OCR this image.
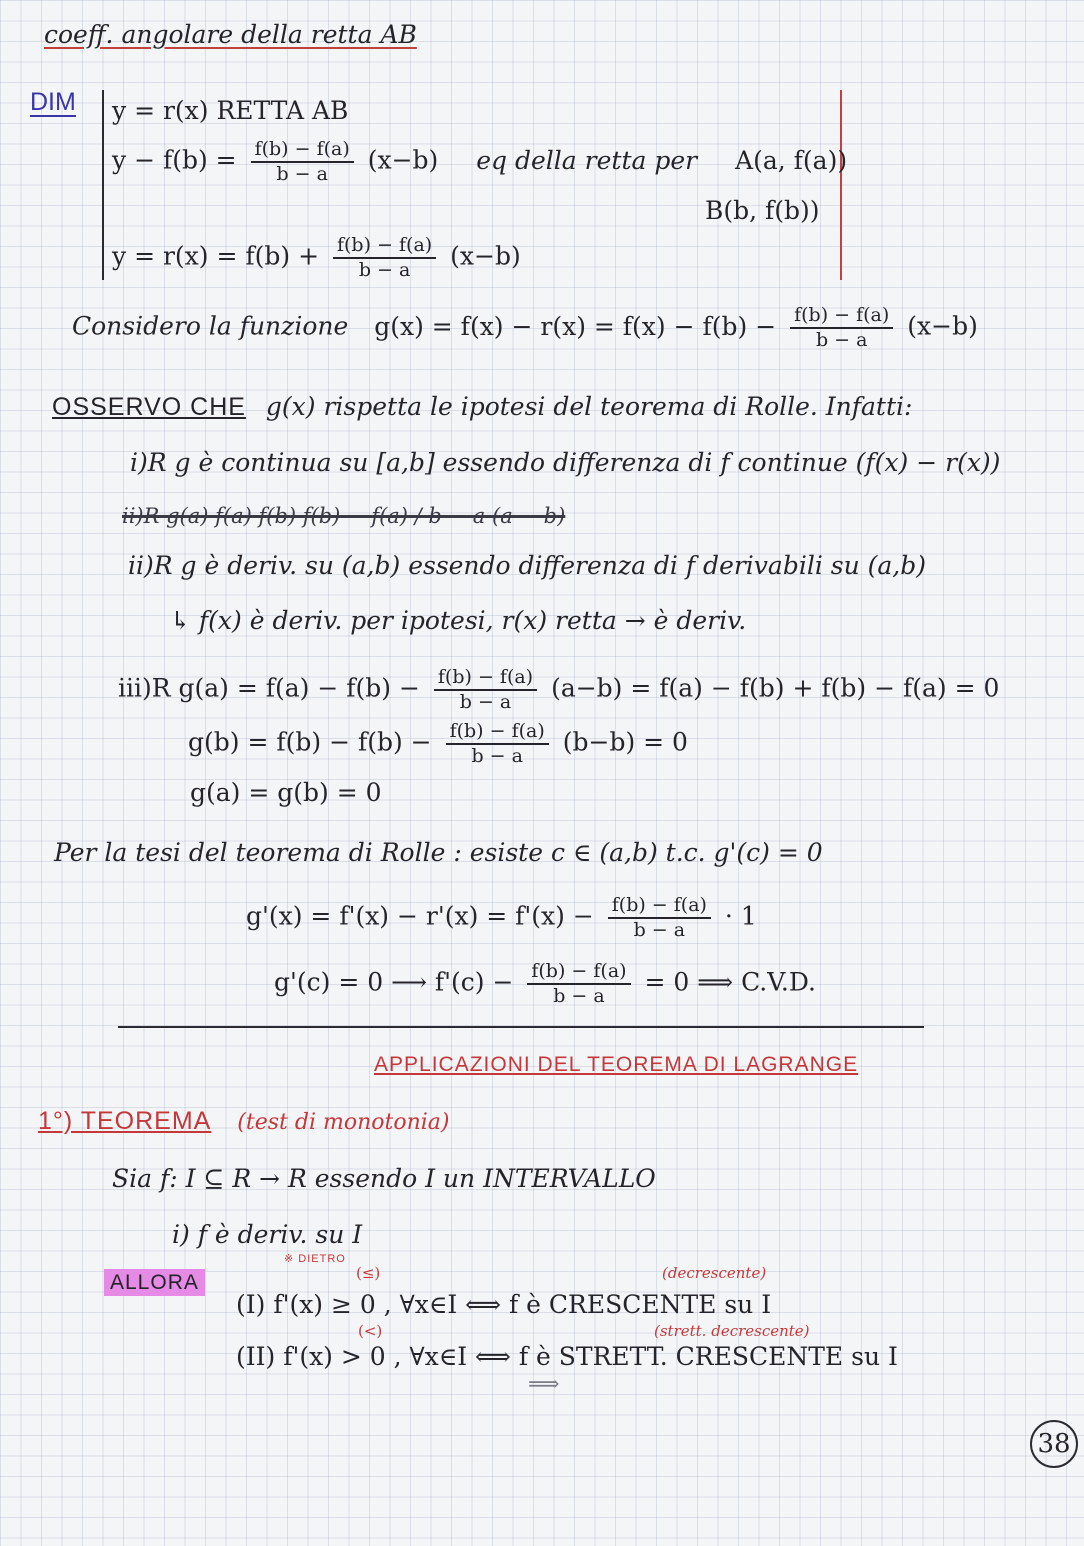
coeff. angolare della retta AB
DIM y = r(x) RETTA AB
$y - f(b) = \frac{f(b) - f(a)}{b - a} (x-b)$ eq della retta per A(a, f(a))
B(b, f(b))
$y = r(x) = f(b) + \frac{f(b) - f(a)}{b - a} (x-b)$
Considero la funzione $g(x) = f(x) - r(x) = f(x) - f(b) - \frac{f(b) - f(a)}{b - a} (x-b)$
OSSERVO CHE g(x) rispetta le ipotesi del teorema di Rolle. Infatti:
i)R g è continua su [a,b] essendo differenza di f continue (f(x) − r(x))
ii)R g(a) f(a) f(b) f(b) − f(a) / b − a (a − b)
ii)R g è deriv. su (a,b) essendo differenza di f derivabili su (a,b)
↳ f(x) è deriv. per ipotesi, r(x) retta → è deriv.
iii)R $g(a) = f(a) - f(b) - \frac{f(b) - f(a)}{b - a} (a-b) = f(a) - f(b) + f(b) - f(a) = 0$
$g(b) = f(b) - f(b) - \frac{f(b) - f(a)}{b - a} (b-b) = 0$
g(a) = g(b) = 0
Per la tesi del teorema di Rolle : esiste c ∈ (a,b) t.c. g'(c) = 0
$g'(x) = f'(x) - r'(x) = f'(x) - \frac{f(b) - f(a)}{b - a} \cdot 1$
g'(c) = 0 ⟶ $f'(c) - \frac{f(b) - f(a)}{b - a} = 0$ ⟹ C.V.D.
APPLICAZIONI DEL TEOREMA DI LAGRANGE
1°) TEOREMA (test di monotonia)
Sia f: I ⊆ R → R essendo I un INTERVALLO
i) f è deriv. su I
※ DIETRO
(≤)	(decrescente)
ALLORA
(I) f'(x) ≥ 0 , ∀x∈I ⟺ f è CRESCENTE su I
(<)	(strett. decrescente)
(II) f'(x) > 0 , ∀x∈I ⟺ f è STRETT. CRESCENTE su I
⟹
38
